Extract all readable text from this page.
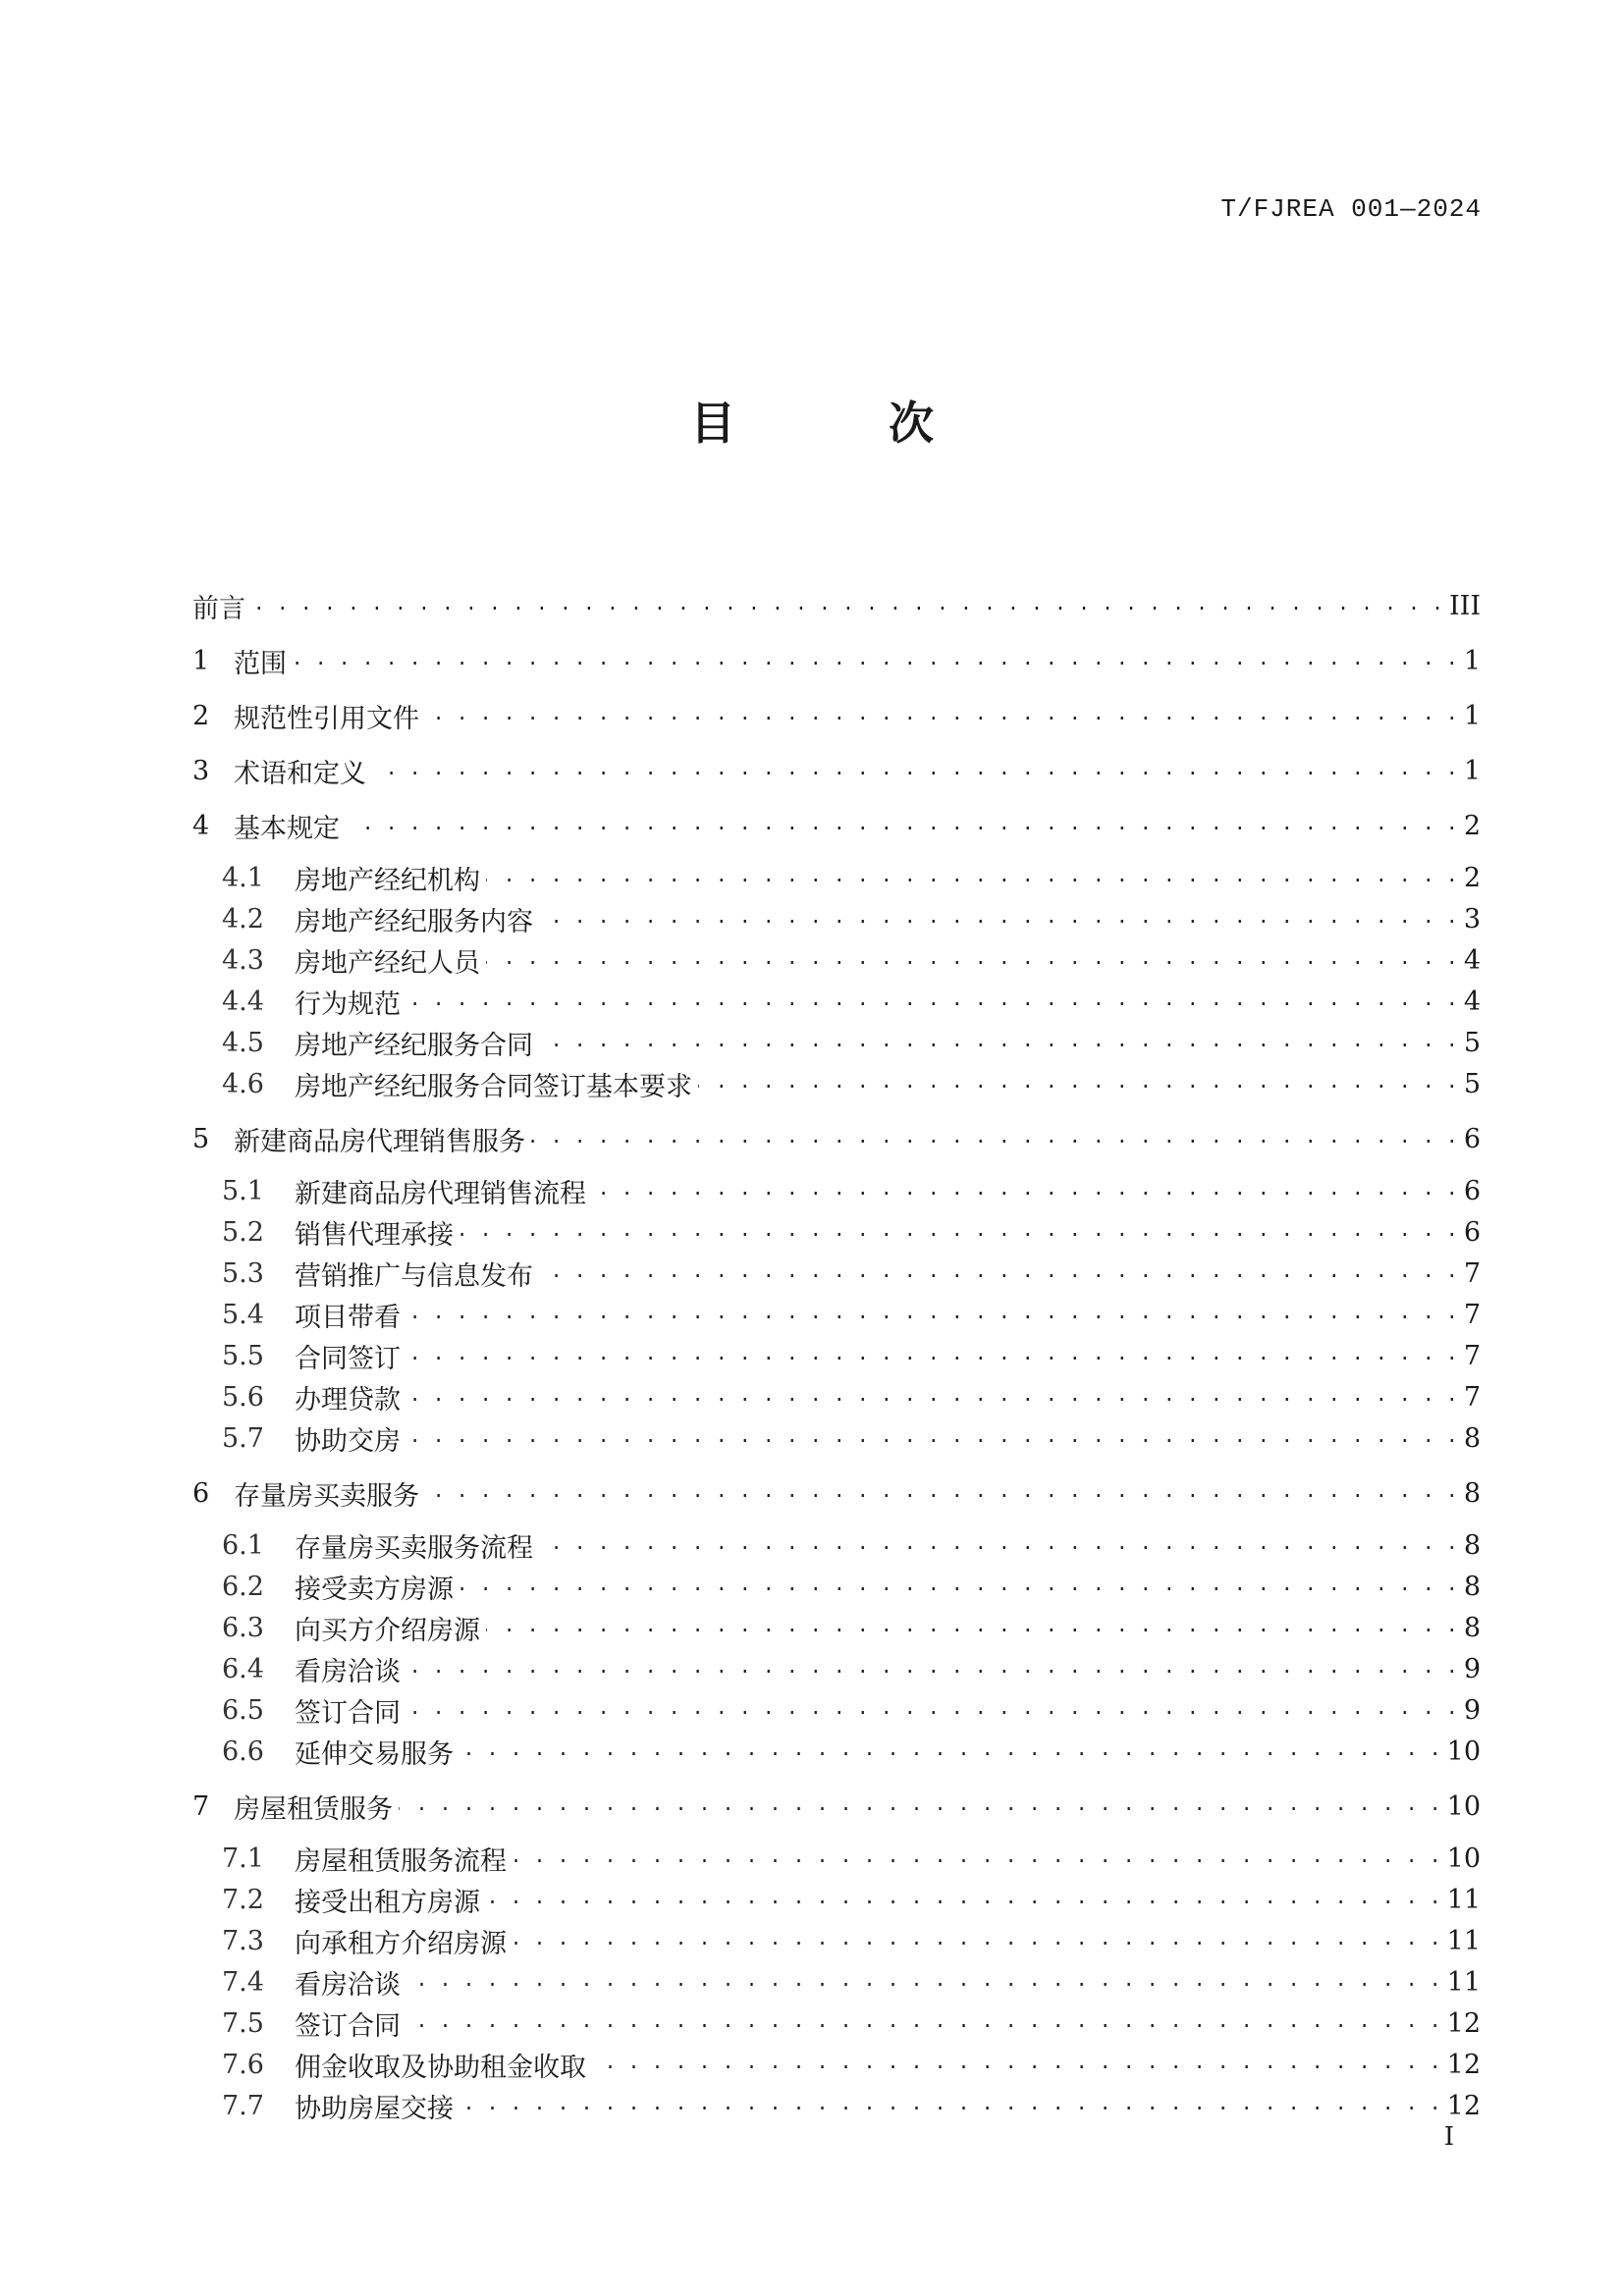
T/FJREA 001—2024
目 次
前言 . . .	III
1 范围 . . .	1
2 规范性引用文件 . . .	1
3 术语和定义 . . .	1
4 基本规定 . . .	2
4.1	房地产经纪机构 . . .	2
4.2	房地产经纪服务内容 . . .	3
4.3	房地产经纪人员 . . .	4
4.4	行为规范 . . .	4
4.5	房地产经纪服务合同 . . .	5
4.6	房地产经纪服务合同签订基本要求 . . .	5
5 新建商品房代理销售服务 . . .	6
5.1	新建商品房代理销售流程 . . .	6
5.2	销售代理承接 . . .	6
5.3	营销推广与信息发布 . . .	7
5.4	项目带看 . . .	7
5.5	合同签订 . . .	7
5.6	办理贷款 . . .	7
5.7	协助交房 . . .	8
6 存量房买卖服务 . . .	8
6.1	存量房买卖服务流程 . . .	8
6.2	接受卖方房源 . . .	8
6.3	向买方介绍房源 . . .	8
6.4	看房洽谈 . . .	9
6.5	签订合同 . . .	9
6.6	延伸交易服务 . . .	10
7 房屋租赁服务 . . .	10
7.1	房屋租赁服务流程 . . .	10
7.2	接受出租方房源 . . .	11
7.3	向承租方介绍房源 . . .	11
7.4	看房洽谈 . . .	11
7.5	签订合同 . . .	12
7.6	佣金收取及协助租金收取 . . .	12
7.7	协助房屋交接 . . .	12
I
